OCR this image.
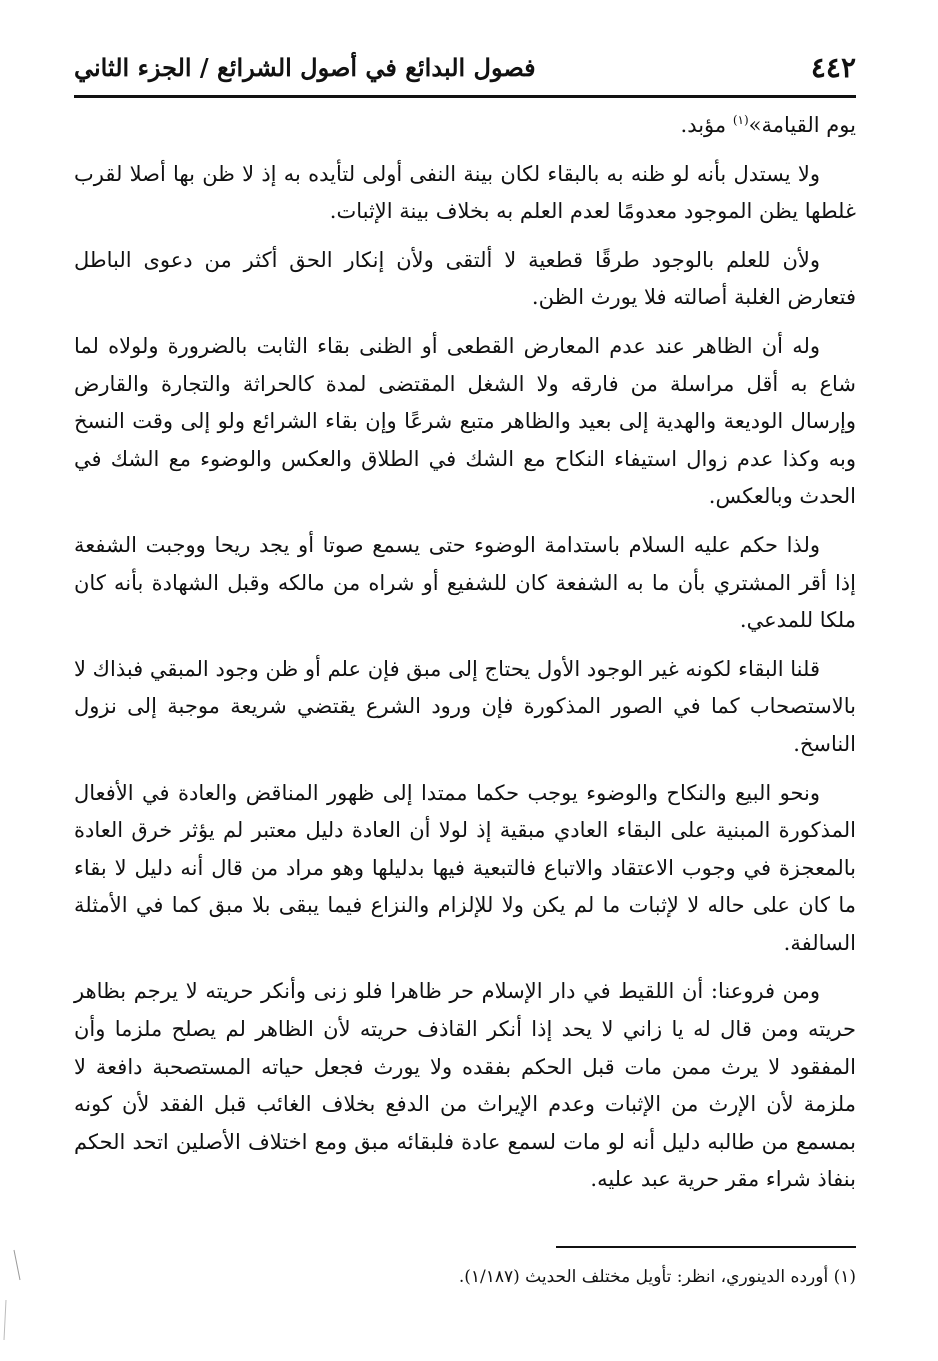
٤٤٢
فصول البدائع في أصول الشرائع / الجزء الثاني

يوم القيامة»$^{(١)}$ مؤبد.

ولا يستدل بأنه لو ظنه به بالبقاء لكان بينة النفى أولى لتأيده به إذ لا ظن بها أصلا لقرب غلطها يظن الموجود معدومًا لعدم العلم به بخلاف بينة الإثبات.

ولأن للعلم بالوجود طرقًا قطعية لا ألتقى ولأن إنكار الحق أكثر من دعوى الباطل فتعارض الغلبة أصالته فلا يورث الظن.

وله أن الظاهر عند عدم المعارض القطعى أو الظنى بقاء الثابت بالضرورة ولولاه لما شاع به أقل مراسلة من فارقه ولا الشغل المقتضى لمدة كالحراثة والتجارة والقارض وإرسال الوديعة والهدية إلى بعيد والظاهر متبع شرعًا وإن بقاء الشرائع ولو إلى وقت النسخ وبه وكذا عدم زوال استيفاء النكاح مع الشك في الطلاق والعكس والوضوء مع الشك في الحدث وبالعكس.

ولذا حكم عليه السلام باستدامة الوضوء حتى يسمع صوتا أو يجد ريحا ووجبت الشفعة إذا أقر المشتري بأن ما به الشفعة كان للشفيع أو شراه من مالكه وقبل الشهادة بأنه كان ملكا للمدعي.

قلنا البقاء لكونه غير الوجود الأول يحتاج إلى مبق فإن علم أو ظن وجود المبقي فبذاك لا بالاستصحاب كما في الصور المذكورة فإن ورود الشرع يقتضي شريعة موجبة إلى نزول الناسخ.

ونحو البيع والنكاح والوضوء يوجب حكما ممتدا إلى ظهور المناقض والعادة في الأفعال المذكورة المبنية على البقاء العادي مبقية إذ لولا أن العادة دليل معتبر لم يؤثر خرق العادة بالمعجزة في وجوب الاعتقاد والاتباع فالتبعية فيها بدليلها وهو مراد من قال أنه دليل لا بقاء ما كان على حاله لا لإثبات ما لم يكن ولا للإلزام والنزاع فيما يبقى بلا مبق كما في الأمثلة السالفة.

ومن فروعنا: أن اللقيط في دار الإسلام حر ظاهرا فلو زنى وأنكر حريته لا يرجم بظاهر حريته ومن قال له يا زاني لا يحد إذا أنكر القاذف حريته لأن الظاهر لم يصلح ملزما وأن المفقود لا يرث ممن مات قبل الحكم بفقده ولا يورث فجعل حياته المستصحبة دافعة لا ملزمة لأن الإرث من الإثبات وعدم الإيراث من الدفع بخلاف الغائب قبل الفقد لأن كونه بمسمع من طالبه دليل أنه لو مات لسمع عادة فلبقائه مبق ومع اختلاف الأصلين اتحد الحكم بنفاذ شراء مقر حرية عبد عليه.

(١) أورده الدينوري، انظر: تأويل مختلف الحديث (١/١٨٧).
